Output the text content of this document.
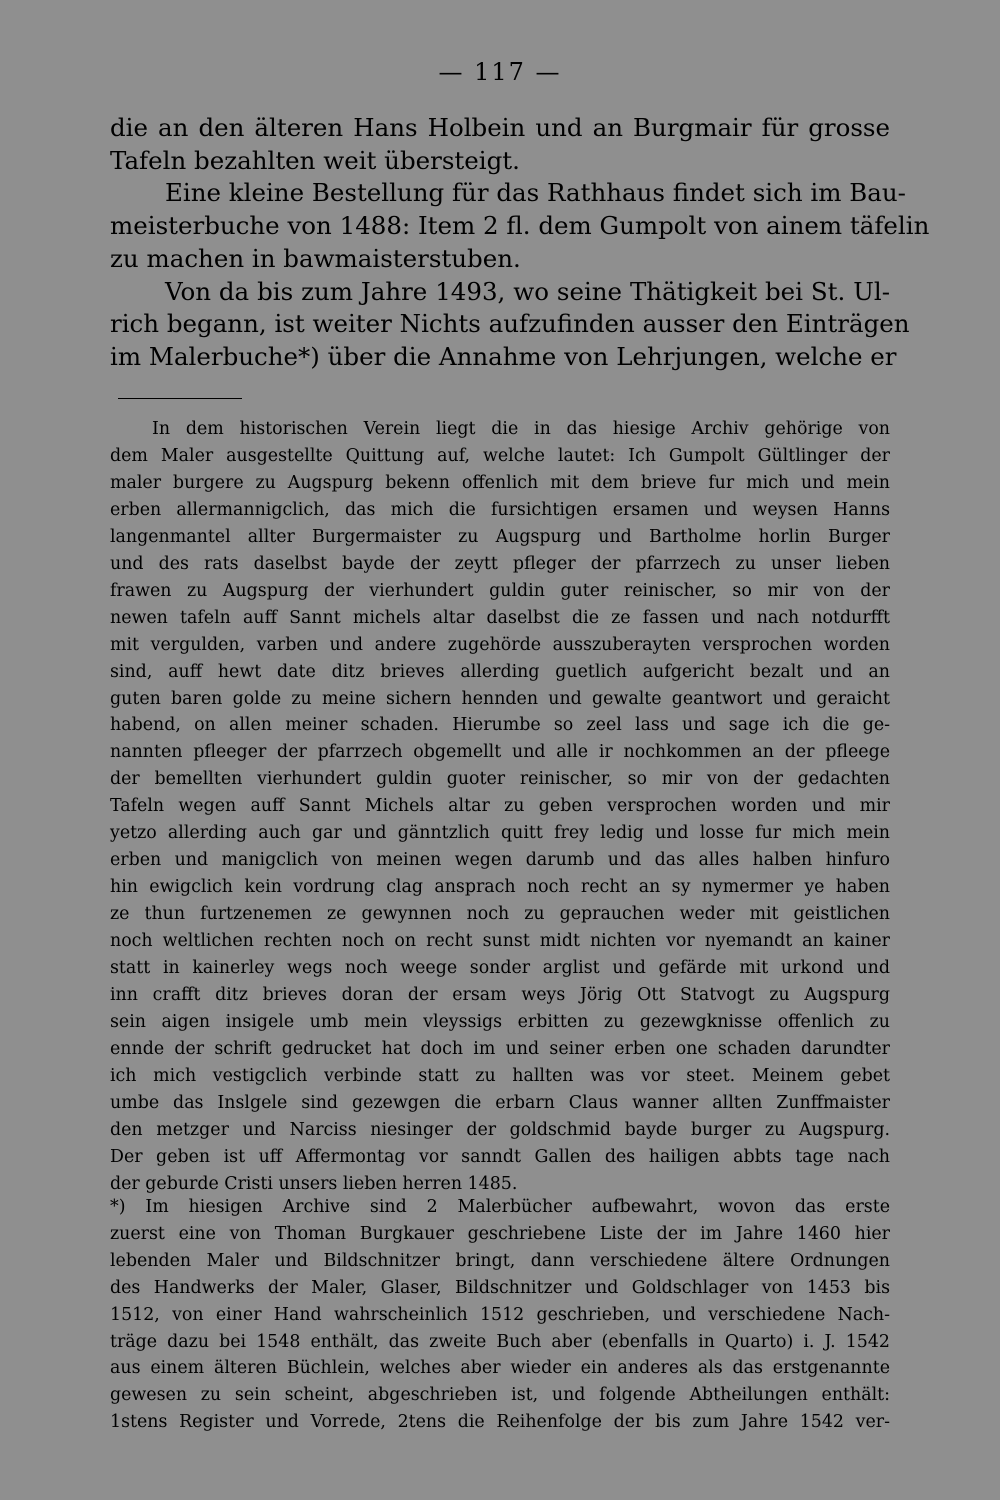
— 117 —
die an den älteren Hans Holbein und an Burgmair für grosse
Tafeln bezahlten weit übersteigt.
Eine kleine Bestellung für das Rathhaus findet sich im Bau-
meisterbuche von 1488: Item 2 fl. dem Gumpolt von ainem täfelin
zu machen in bawmaisterstuben.
Von da bis zum Jahre 1493, wo seine Thätigkeit bei St. Ul-
rich begann, ist weiter Nichts aufzufinden ausser den Einträgen
im Malerbuche*) über die Annahme von Lehrjungen, welche er
In dem historischen Verein liegt die in das hiesige Archiv gehörige von
dem Maler ausgestellte Quittung auf, welche lautet: Ich Gumpolt Gültlinger der
maler burgere zu Augspurg bekenn offenlich mit dem brieve fur mich und mein
erben allermannigclich, das mich die fursichtigen ersamen und weysen Hanns
langenmantel allter Burgermaister zu Augspurg und Bartholme horlin Burger
und des rats daselbst bayde der zeytt pfleger der pfarrzech zu unser lieben
frawen zu Augspurg der vierhundert guldin guter reinischer, so mir von der
newen tafeln auff Sannt michels altar daselbst die ze fassen und nach notdurfft
mit vergulden, varben und andere zugehörde ausszuberayten versprochen worden
sind, auff hewt date ditz brieves allerding guetlich aufgericht bezalt und an
guten baren golde zu meine sichern hennden und gewalte geantwort und geraicht
habend, on allen meiner schaden. Hierumbe so zeel lass und sage ich die ge-
nannten pfleeger der pfarrzech obgemellt und alle ir nochkommen an der pfleege
der bemellten vierhundert guldin guoter reinischer, so mir von der gedachten
Tafeln wegen auff Sannt Michels altar zu geben versprochen worden und mir
yetzo allerding auch gar und gänntzlich quitt frey ledig und losse fur mich mein
erben und manigclich von meinen wegen darumb und das alles halben hinfuro
hin ewigclich kein vordrung clag ansprach noch recht an sy nymermer ye haben
ze thun furtzenemen ze gewynnen noch zu geprauchen weder mit geistlichen
noch weltlichen rechten noch on recht sunst midt nichten vor nyemandt an kainer
statt in kainerley wegs noch weege sonder arglist und gefärde mit urkond und
inn crafft ditz brieves doran der ersam weys Jörig Ott Statvogt zu Augspurg
sein aigen insigele umb mein vleyssigs erbitten zu gezewgknisse offenlich zu
ennde der schrift gedrucket hat doch im und seiner erben one schaden darundter
ich mich vestigclich verbinde statt zu hallten was vor steet. Meinem gebet
umbe das Inslgele sind gezewgen die erbarn Claus wanner allten Zunffmaister
den metzger und Narciss niesinger der goldschmid bayde burger zu Augspurg.
Der geben ist uff Affermontag vor sanndt Gallen des hailigen abbts tage nach
der geburde Cristi unsers lieben herren 1485.
*) Im hiesigen Archive sind 2 Malerbücher aufbewahrt, wovon das erste
zuerst eine von Thoman Burgkauer geschriebene Liste der im Jahre 1460 hier
lebenden Maler und Bildschnitzer bringt, dann verschiedene ältere Ordnungen
des Handwerks der Maler, Glaser, Bildschnitzer und Goldschlager von 1453 bis
1512, von einer Hand wahrscheinlich 1512 geschrieben, und verschiedene Nach-
träge dazu bei 1548 enthält, das zweite Buch aber (ebenfalls in Quarto) i. J. 1542
aus einem älteren Büchlein, welches aber wieder ein anderes als das erstgenannte
gewesen zu sein scheint, abgeschrieben ist, und folgende Abtheilungen enthält:
1stens Register und Vorrede, 2tens die Reihenfolge der bis zum Jahre 1542 ver-
